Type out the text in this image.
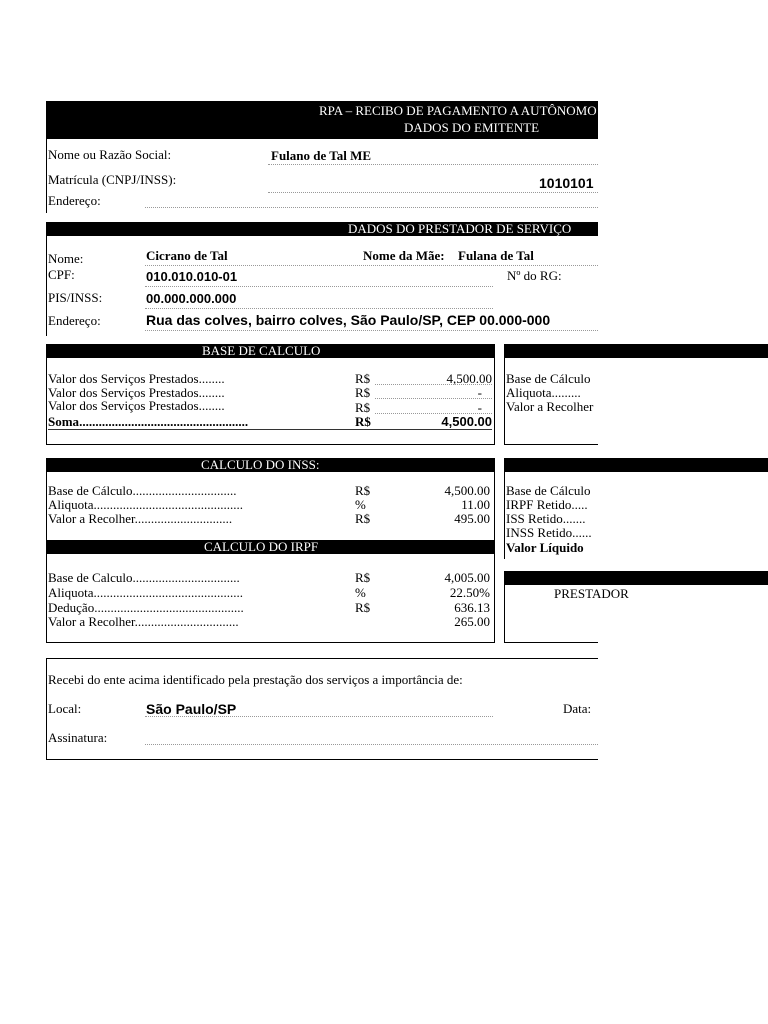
RPA – RECIBO DE PAGAMENTO A AUTÔNOMO
DADOS DO EMITENTE
Nome ou Razão Social:	Fulano de Tal ME
Matrícula (CNPJ/INSS):	1010101
Endereço:
DADOS DO PRESTADOR DE SERVIÇO
Nome:	Cicrano de Tal	Nome da Mãe: Fulana de Tal
CPF:	010.010.010-01	Nº do RG:
PIS/INSS:	00.000.000.000
Endereço:	Rua das colves, bairro colves, São Paulo/SP, CEP 00.000-000
BASE DE CALCULO
Valor dos Serviços Prestados........	R$	4,500.00
Valor dos Serviços Prestados........	R$	-
Valor dos Serviços Prestados........	R$	-
Soma....................................................	R$	4,500.00
Base de Cálculo
Aliquota.........
Valor a Recolher
CALCULO DO INSS:
Base de Cálculo................................	R$	4,500.00
Aliquota..............................................	%	11.00
Valor a Recolher..............................	R$	495.00
CALCULO DO IRPF
Base de Calculo.................................	R$	4,005.00
Aliquota..............................................	%	22.50%
Dedução..............................................	R$	636.13
Valor a Recolher................................	265.00
Base de Cálculo
IRPF Retido.....
ISS Retido.......
INSS Retido......
Valor Líquido
PRESTADOR
Recebi do ente acima identificado pela prestação dos serviços a importância de:
Local:	São Paulo/SP	Data:
Assinatura:
